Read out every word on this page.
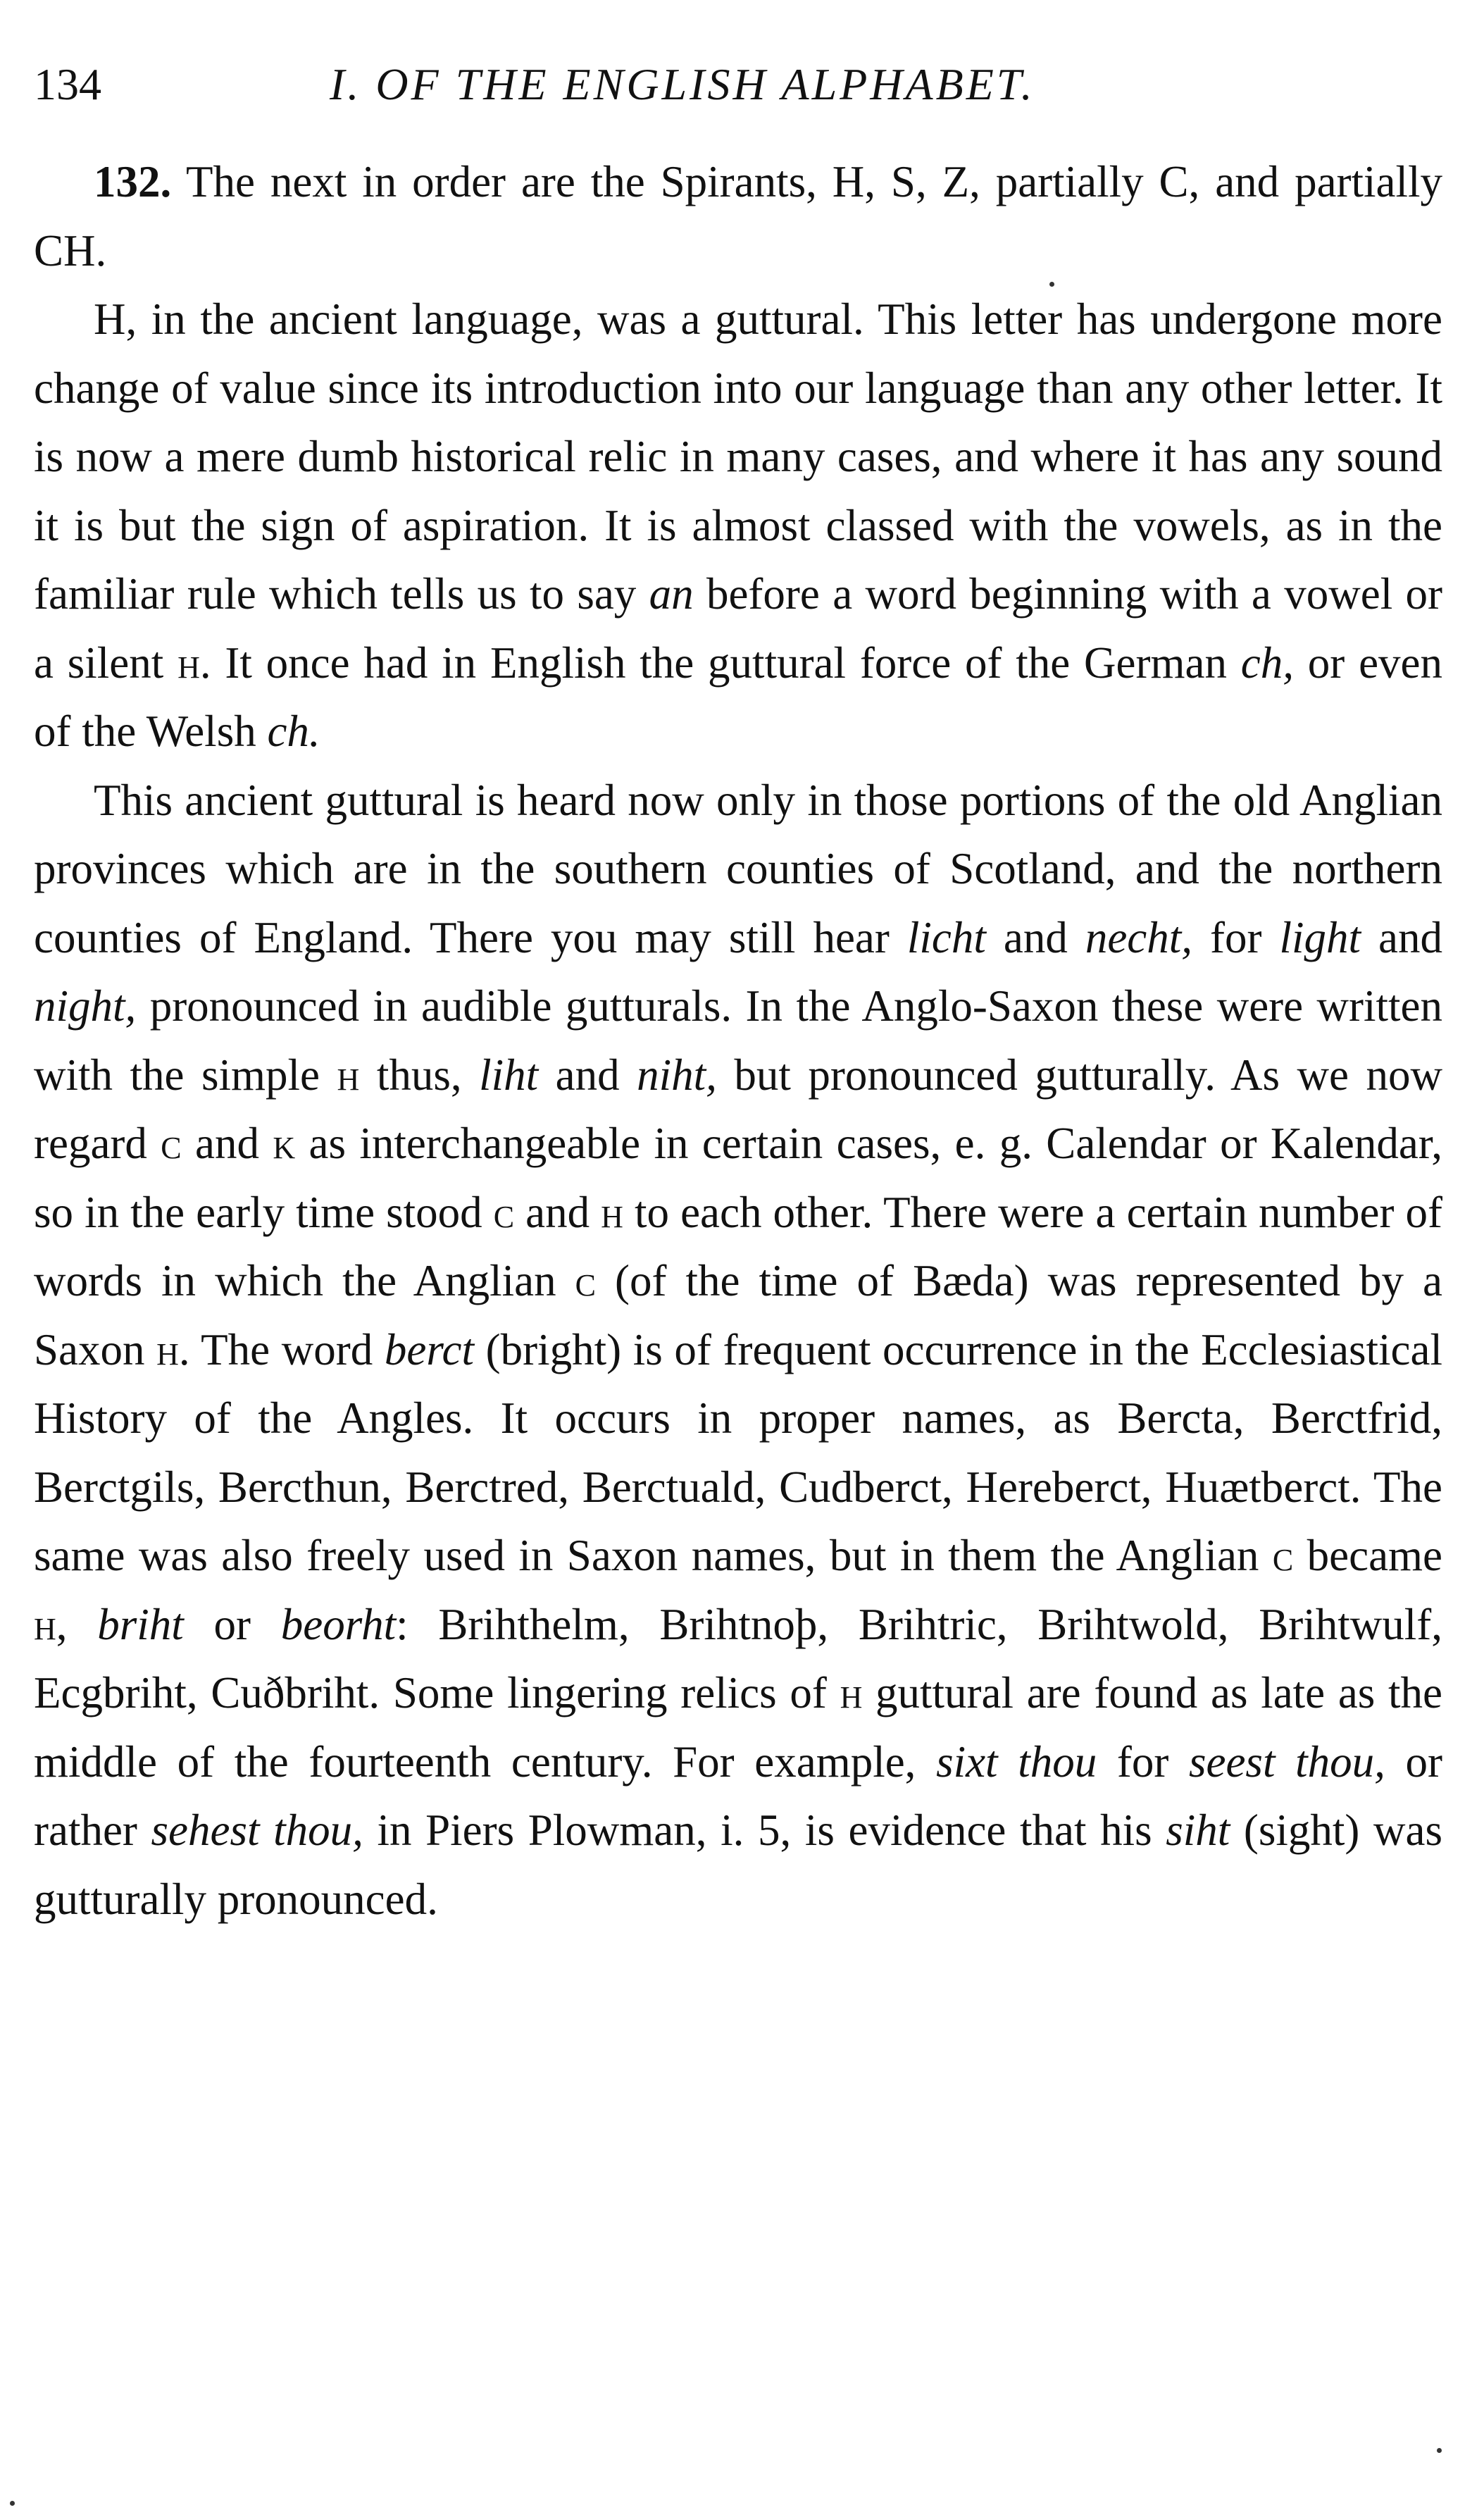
134	I. OF THE ENGLISH ALPHABET.

132. The next in order are the Spirants, H, S, Z, partially C, and partially CH.

H, in the ancient language, was a guttural. This letter has undergone more change of value since its introduction into our language than any other letter. It is now a mere dumb historical relic in many cases, and where it has any sound it is but the sign of aspiration. It is almost classed with the vowels, as in the familiar rule which tells us to say an before a word beginning with a vowel or a silent h. It once had in English the guttural force of the German ch, or even of the Welsh ch.

This ancient guttural is heard now only in those portions of the old Anglian provinces which are in the southern counties of Scotland, and the northern counties of England. There you may still hear licht and necht, for light and night, pronounced in audible gutturals. In the Anglo-Saxon these were written with the simple h thus, liht and niht, but pronounced gutturally. As we now regard c and k as interchangeable in certain cases, e. g. Calendar or Kalendar, so in the early time stood c and h to each other. There were a certain number of words in which the Anglian c (of the time of Bæda) was represented by a Saxon h. The word berct (bright) is of frequent occurrence in the Ecclesiastical History of the Angles. It occurs in proper names, as Bercta, Berctfrid, Berctgils, Bercthun, Berctred, Berctuald, Cudberct, Hereberct, Huætberct. The same was also freely used in Saxon names, but in them the Anglian c became h, briht or beorht: Brihthelm, Brihtnoþ, Brihtric, Brihtwold, Brihtwulf, Ecgbriht, Cuðbriht. Some lingering relics of h guttural are found as late as the middle of the fourteenth century. For example, sixt thou for seest thou, or rather sehest thou, in Piers Plowman, i. 5, is evidence that his siht (sight) was gutturally pronounced.
